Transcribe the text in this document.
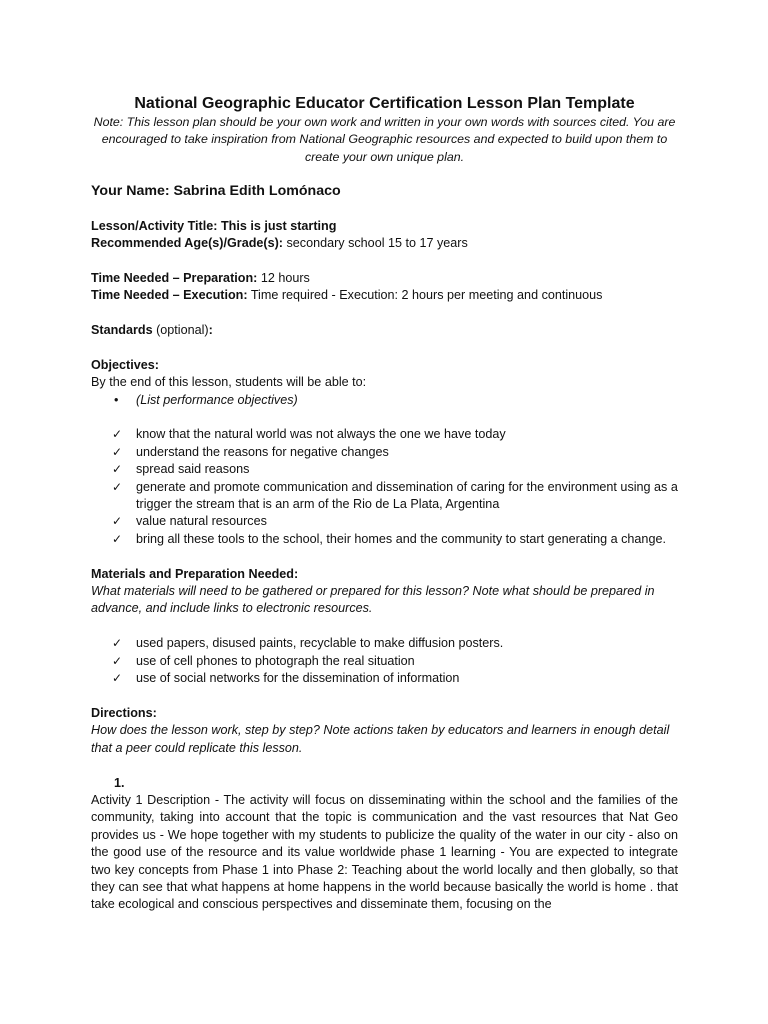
National Geographic Educator Certification Lesson Plan Template
Note: This lesson plan should be your own work and written in your own words with sources cited. You are encouraged to take inspiration from National Geographic resources and expected to build upon them to create your own unique plan.
Your Name: Sabrina Edith Lomónaco
Lesson/Activity Title: This is just starting
Recommended Age(s)/Grade(s): secondary school 15 to 17 years
Time Needed – Preparation: 12 hours
Time Needed – Execution: Time required - Execution: 2 hours per meeting and continuous
Standards (optional):
Objectives:
By the end of this lesson, students will be able to:
•	(List performance objectives)
✓ know that the natural world was not always the one we have today
✓ understand the reasons for negative changes
✓ spread said reasons
✓ generate and promote communication and dissemination of caring for the environment using as a trigger the stream that is an arm of the Rio de La Plata, Argentina
✓ value natural resources
✓ bring all these tools to the school, their homes and the community to start generating a change.
Materials and Preparation Needed:
What materials will need to be gathered or prepared for this lesson? Note what should be prepared in advance, and include links to electronic resources.
✓ used papers, disused paints, recyclable to make diffusion posters.
✓ use of cell phones to photograph the real situation
✓ use of social networks for the dissemination of information
Directions:
How does the lesson work, step by step? Note actions taken by educators and learners in enough detail that a peer could replicate this lesson.
1.
Activity 1 Description - The activity will focus on disseminating within the school and the families of the community, taking into account that the topic is communication and the vast resources that Nat Geo provides us - We hope together with my students to publicize the quality of the water in our city - also on the good use of the resource and its value worldwide phase 1 learning - You are expected to integrate two key concepts from Phase 1 into Phase 2: Teaching about the world locally and then globally, so that they can see that what happens at home happens in the world because basically the world is home . that take ecological and conscious perspectives and disseminate them, focusing on the
